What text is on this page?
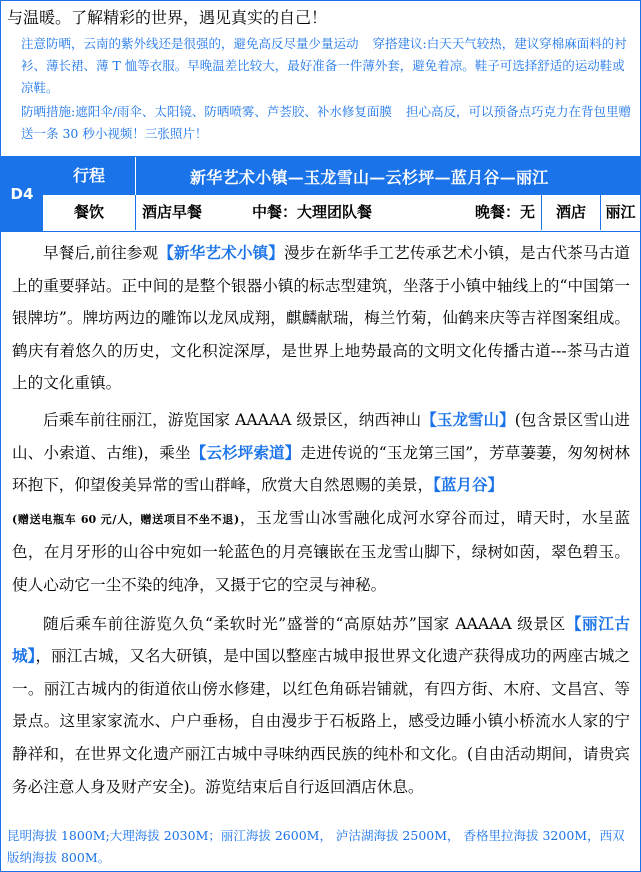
与温暖。了解精彩的世界，遇见真实的自己！

注意防晒，云南的紫外线还是很强的，避免高反尽量少量运动 穿搭建议:白天天气较热，建议穿棉麻面料的衬衫、薄长裙、薄 T 恤等衣服。早晚温差比较大，最好准备一件薄外套，避免着凉。鞋子可选择舒适的运动鞋或凉鞋。

防晒措施:遮阳伞/雨伞、太阳镜、防晒喷雾、芦荟胶、补水修复面膜 担心高反，可以预备点巧克力在背包里赠送一条 30 秒小视频！三张照片！

D4
行程	新华艺术小镇—玉龙雪山—云杉坪—蓝月谷—丽江
餐饮	酒店早餐	中餐：大理团队餐	晚餐：无	酒店	丽江

早餐后,前往参观【新华艺术小镇】漫步在新华手工艺传承艺术小镇，是古代茶马古道上的重要驿站。正中间的是整个银器小镇的标志型建筑，坐落于小镇中轴线上的“中国第一银牌坊”。牌坊两边的雕饰以龙凤成翔，麒麟献瑞，梅兰竹菊，仙鹤来庆等吉祥图案组成。鹤庆有着悠久的历史，文化积淀深厚，是世界上地势最高的文明文化传播古道---茶马古道上的文化重镇。

后乘车前往丽江，游览国家 AAAAA 级景区，纳西神山【玉龙雪山】(包含景区雪山进山、小索道、古维)，乘坐【云杉坪索道】走进传说的“玉龙第三国”，芳草萋萋，匆匆树林环抱下，仰望俊美异常的雪山群峰，欣赏大自然恩赐的美景，【蓝月谷】
(赠送电瓶车 60 元/人，赠送项目不坐不退)，玉龙雪山冰雪融化成河水穿谷而过，晴天时，水呈蓝色，在月牙形的山谷中宛如一轮蓝色的月亮镶嵌在玉龙雪山脚下，绿树如茵，翠色碧玉。使人心动它一尘不染的纯净，又摄于它的空灵与神秘。

随后乘车前往游览久负“柔软时光”盛誉的“高原姑苏”国家 AAAAA 级景区【丽江古城】，丽江古城，又名大研镇，是中国以整座古城申报世界文化遗产获得成功的两座古城之一。丽江古城内的街道依山傍水修建，以红色角砾岩铺就，有四方街、木府、文昌宫、等景点。这里家家流水、户户垂杨，自由漫步于石板路上，感受边睡小镇小桥流水人家的宁静祥和，在世界文化遗产丽江古城中寻味纳西民族的纯朴和文化。(自由活动期间，请贵宾务必注意人身及财产安全)。游览结束后自行返回酒店休息。

昆明海拔 1800M;大理海拔 2030M；丽江海拔 2600M， 泸沽湖海拔 2500M， 香格里拉海拔 3200M，西双版纳海拔 800M。
